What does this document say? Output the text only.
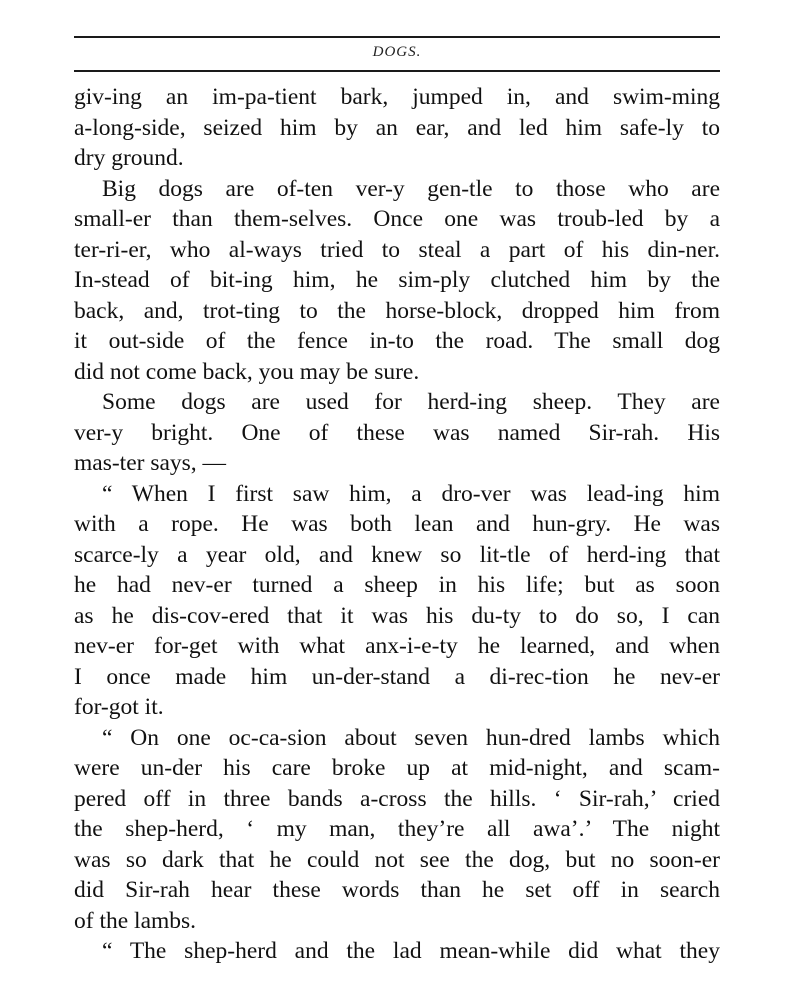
DOGS.
giv-ing an im-pa-tient bark, jumped in, and swim-ming
a-long-side, seized him by an ear, and led him safe-ly to
dry ground.
Big dogs are of-ten ver-y gen-tle to those who are
small-er than them-selves. Once one was troub-led by a
ter-ri-er, who al-ways tried to steal a part of his din-ner.
In-stead of bit-ing him, he sim-ply clutched him by the
back, and, trot-ting to the horse-block, dropped him from
it out-side of the fence in-to the road. The small dog
did not come back, you may be sure.
Some dogs are used for herd-ing sheep. They are
ver-y bright. One of these was named Sir-rah. His
mas-ter says, —
“ When I first saw him, a dro-ver was lead-ing him
with a rope. He was both lean and hun-gry. He was
scarce-ly a year old, and knew so lit-tle of herd-ing that
he had nev-er turned a sheep in his life; but as soon
as he dis-cov-ered that it was his du-ty to do so, I can
nev-er for-get with what anx-i-e-ty he learned, and when
I once made him un-der-stand a di-rec-tion he nev-er
for-got it.
“ On one oc-ca-sion about seven hun-dred lambs which
were un-der his care broke up at mid-night, and scam-
pered off in three bands a-cross the hills. ‘ Sir-rah,’ cried
the shep-herd, ‘ my man, they’re all awa’.’ The night
was so dark that he could not see the dog, but no soon-er
did Sir-rah hear these words than he set off in search
of the lambs.
“ The shep-herd and the lad mean-while did what they
